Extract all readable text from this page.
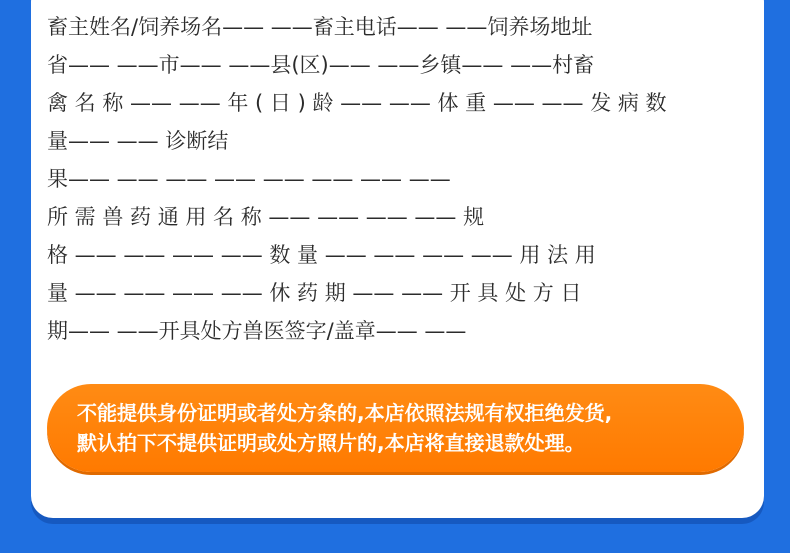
畜主姓名/饲养场名—— ——畜主电话—— ——饲养场地址
省—— ——市—— ——县(区)—— ——乡镇—— ——村畜
禽 名 称 —— —— 年 ( 日 ) 龄 —— —— 体 重 —— —— 发 病 数
量—— —— 诊断结
果—— —— —— —— —— —— —— ——
所 需 兽 药 通 用 名 称 —— —— —— —— 规
格 —— —— —— —— 数 量 —— —— —— —— 用 法 用
量 —— —— —— —— 休 药 期 —— —— 开 具 处 方 日
期—— ——开具处方兽医签字/盖章—— ——
不能提供身份证明或者处方条的,本店依照法规有权拒绝发货,
默认拍下不提供证明或处方照片的,本店将直接退款处理。
